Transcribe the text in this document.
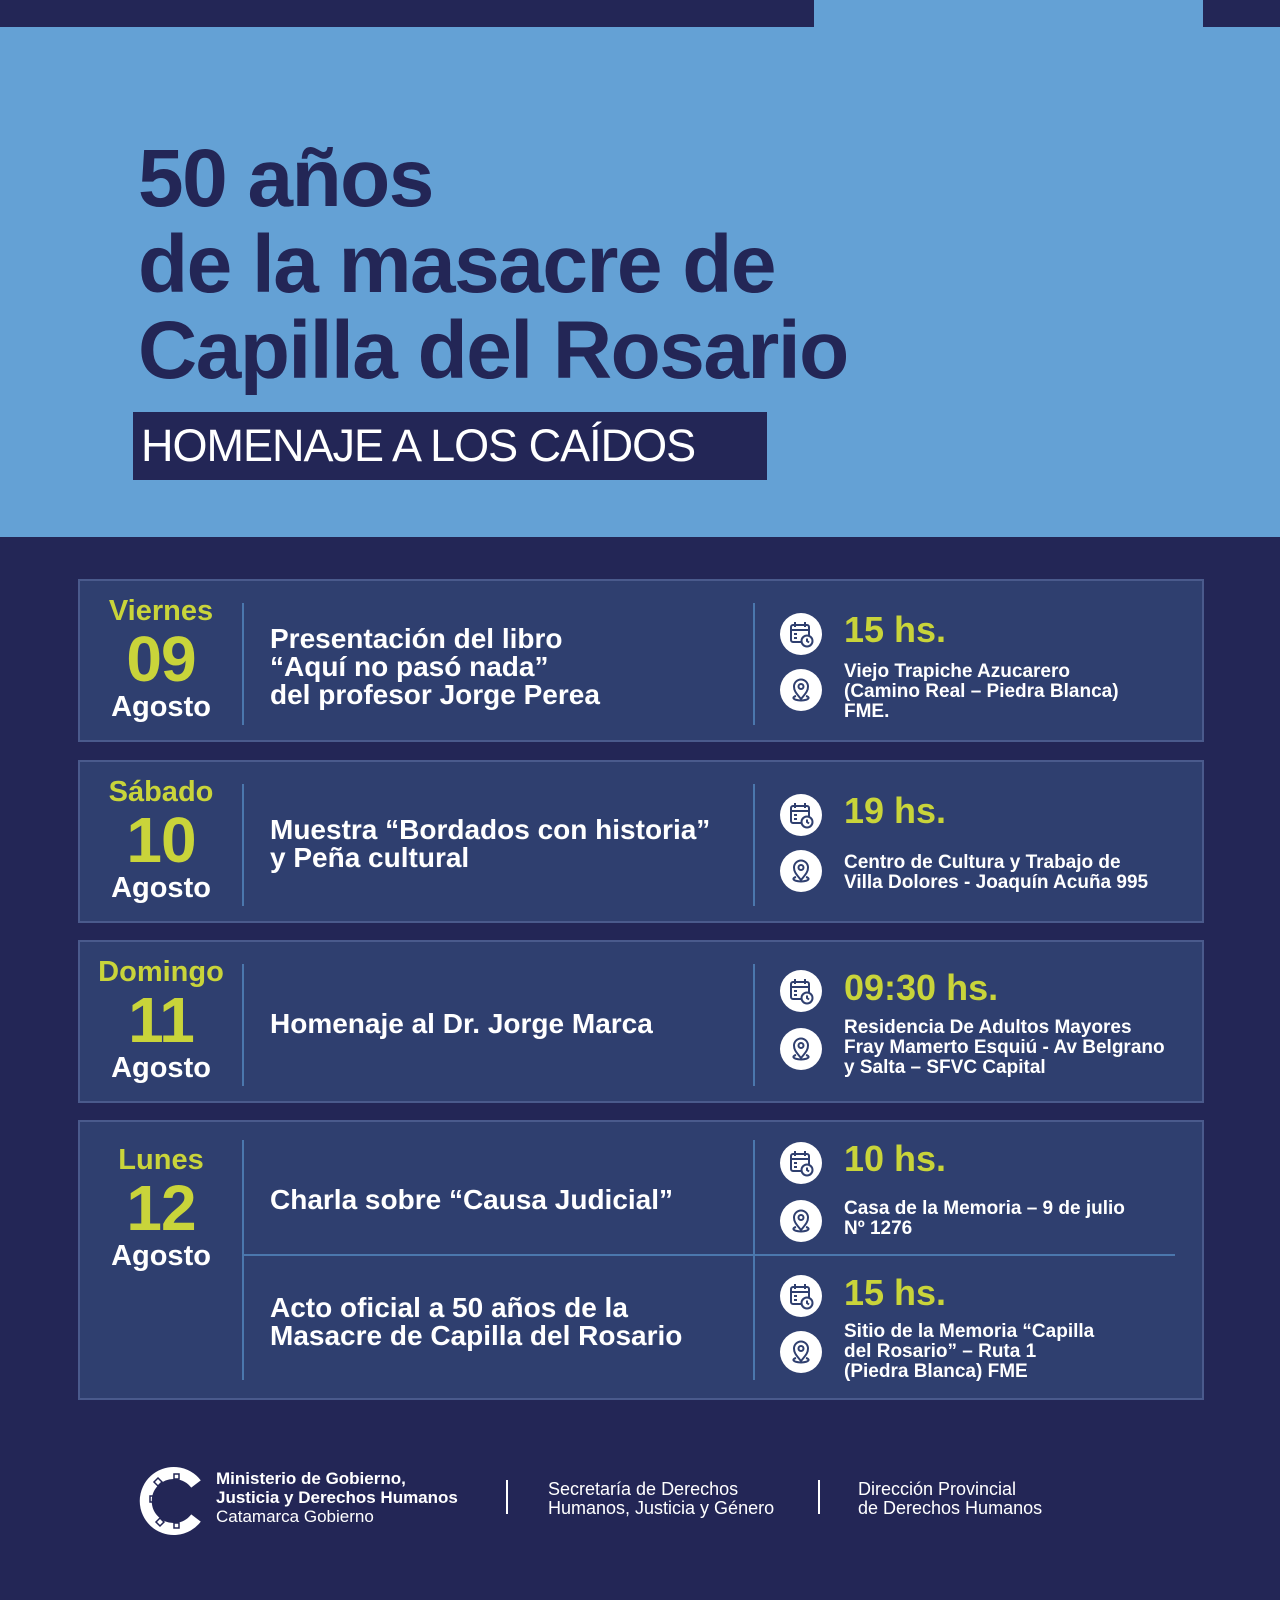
50 años
de la masacre de
Capilla del Rosario
HOMENAJE A LOS CAÍDOS
Viernes
09
Agosto
Presentación del libro
“Aquí no pasó nada”
del profesor Jorge Perea
15 hs.
Viejo Trapiche Azucarero
(Camino Real – Piedra Blanca)
FME.
Sábado
10
Agosto
Muestra “Bordados con historia”
y Peña cultural
19 hs.
Centro de Cultura y Trabajo de
Villa Dolores - Joaquín Acuña 995
Domingo
11
Agosto
Homenaje al Dr. Jorge Marca
09:30 hs.
Residencia De Adultos Mayores
Fray Mamerto Esquiú - Av Belgrano
y Salta – SFVC Capital
Lunes
12
Agosto
Charla sobre “Causa Judicial”
10 hs.
Casa de la Memoria – 9 de julio
Nº 1276
Acto oficial a 50 años de la
Masacre de Capilla del Rosario
15 hs.
Sitio de la Memoria “Capilla
del Rosario” – Ruta 1
(Piedra Blanca) FME
Ministerio de Gobierno,
Justicia y Derechos Humanos
Catamarca Gobierno
Secretaría de Derechos
Humanos, Justicia y Género
Dirección Provincial
de Derechos Humanos
